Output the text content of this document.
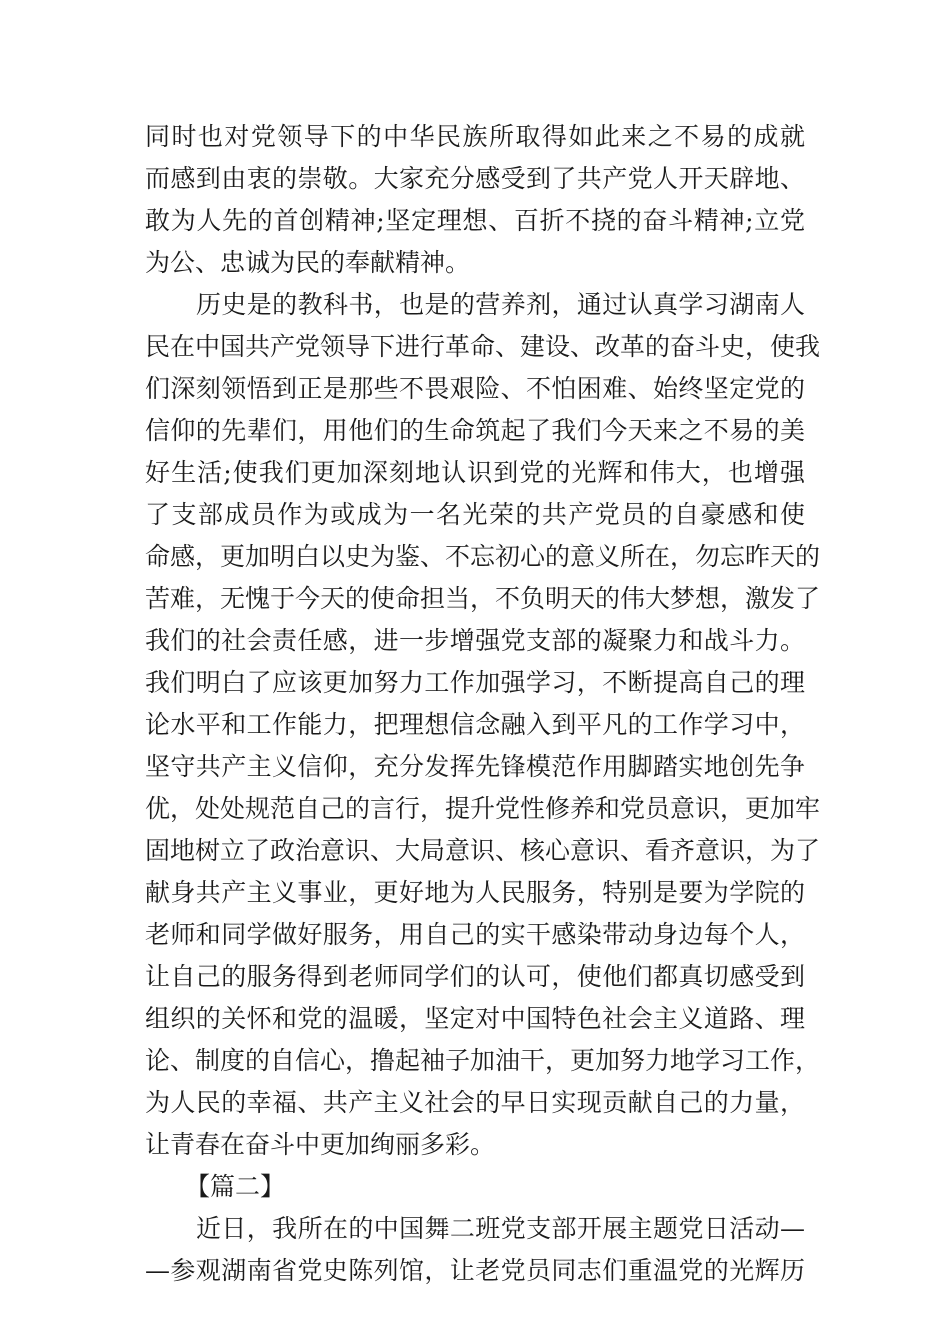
同时也对党领导下的中华民族所取得如此来之不易的成就
而感到由衷的崇敬。大家充分感受到了共产党人开天辟地、
敢为人先的首创精神;坚定理想、百折不挠的奋斗精神;立党
为公、忠诚为民的奉献精神。
历史是的教科书，也是的营养剂，通过认真学习湖南人
民在中国共产党领导下进行革命、建设、改革的奋斗史，使我
们深刻领悟到正是那些不畏艰险、不怕困难、始终坚定党的
信仰的先辈们，用他们的生命筑起了我们今天来之不易的美
好生活;使我们更加深刻地认识到党的光辉和伟大，也增强
了支部成员作为或成为一名光荣的共产党员的自豪感和使
命感，更加明白以史为鉴、不忘初心的意义所在，勿忘昨天的
苦难，无愧于今天的使命担当，不负明天的伟大梦想，激发了
我们的社会责任感，进一步增强党支部的凝聚力和战斗力。
我们明白了应该更加努力工作加强学习，不断提高自己的理
论水平和工作能力，把理想信念融入到平凡的工作学习中，
坚守共产主义信仰，充分发挥先锋模范作用脚踏实地创先争
优，处处规范自己的言行，提升党性修养和党员意识，更加牢
固地树立了政治意识、大局意识、核心意识、看齐意识，为了
献身共产主义事业，更好地为人民服务，特别是要为学院的
老师和同学做好服务，用自己的实干感染带动身边每个人，
让自己的服务得到老师同学们的认可，使他们都真切感受到
组织的关怀和党的温暖，坚定对中国特色社会主义道路、理
论、制度的自信心，撸起袖子加油干，更加努力地学习工作，
为人民的幸福、共产主义社会的早日实现贡献自己的力量，
让青春在奋斗中更加绚丽多彩。
【篇二】
近日，我所在的中国舞二班党支部开展主题党日活动—
—参观湖南省党史陈列馆，让老党员同志们重温党的光辉历
